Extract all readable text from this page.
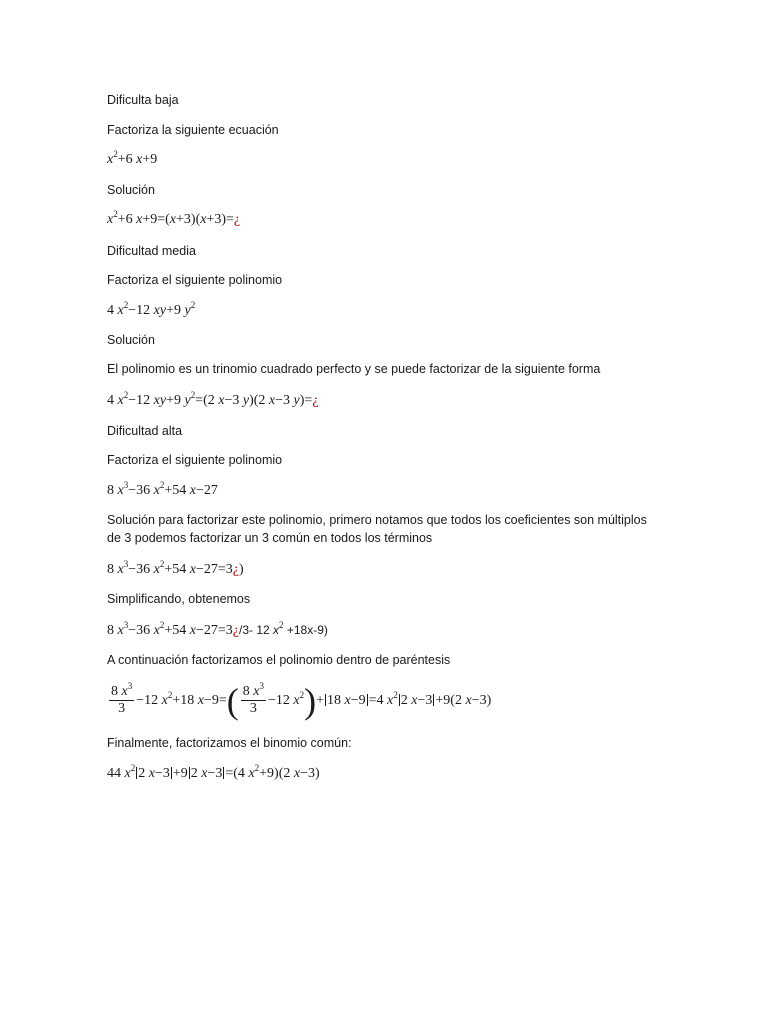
Dificulta baja
Factoriza la siguiente ecuación
$x^2+6$ x+9
Solución
$x^2+6$ x+9=(x+3)(x+3)=¿
Dificultad media
Factoriza el siguiente polinomio
4 $x^2-12$ xy+9 $y^2$
Solución
El polinomio es un trinomio cuadrado perfecto y se puede factorizar de la siguiente forma
4 $x^2-12$ xy+9 $y^2=(2$ x−3 y)(2 x−3 y)=¿
Dificultad alta
Factoriza el siguiente polinomio
8 $x^3-36$ $x^2+54$ x−27
Solución para factorizar este polinomio, primero notamos que todos los coeficientes son múltiplos
de 3 podemos factorizar un 3 común en todos los términos
8 $x^3-36$ $x^2+54$ x−27=3¿)
Simplificando, obtenemos
8 $x^3-36$ $x^2+54$ x−27=3¿/3- 12 $x^2 +18x-9$)
A continuación factorizamos el polinomio dentro de paréntesis
$\frac{8 x^3}{3} -12$ $x^2+18$ $x-9=( \frac{8 x^3}{3} -12$ $x^2)+ 18$ x−9 =4 $x^2$ 2 x−3 +9(2 x−3)
Finalmente, factorizamos el binomio común:
44 $x^2$ 2 x−3 +9 2 x−3 =(4 $x^2+9)(2$ x−3)
